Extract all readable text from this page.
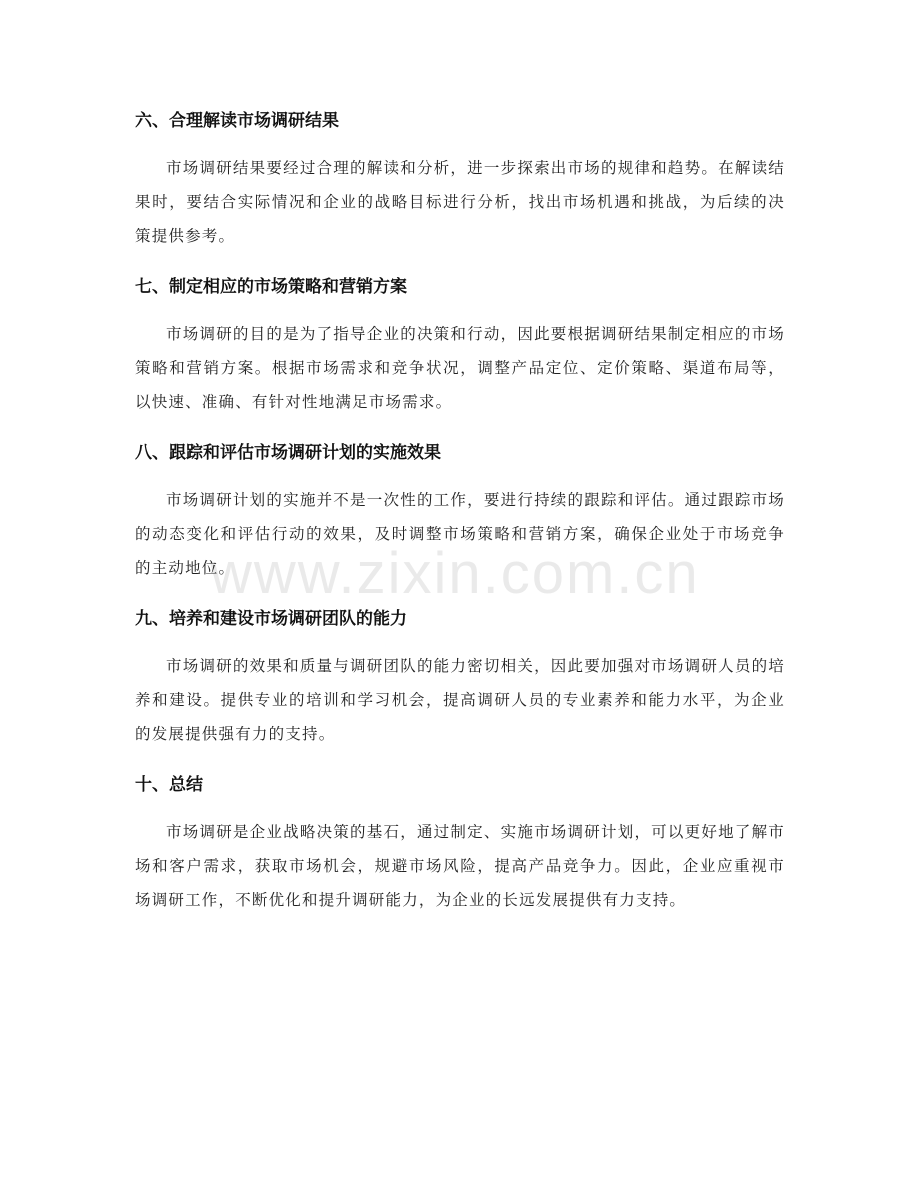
www.zixin.com.cn
六、合理解读市场调研结果

市场调研结果要经过合理的解读和分析，进一步探索出市场的规律和趋势。在解读结果时，要结合实际情况和企业的战略目标进行分析，找出市场机遇和挑战，为后续的决策提供参考。

七、制定相应的市场策略和营销方案

市场调研的目的是为了指导企业的决策和行动，因此要根据调研结果制定相应的市场策略和营销方案。根据市场需求和竞争状况，调整产品定位、定价策略、渠道布局等，以快速、准确、有针对性地满足市场需求。

八、跟踪和评估市场调研计划的实施效果

市场调研计划的实施并不是一次性的工作，要进行持续的跟踪和评估。通过跟踪市场的动态变化和评估行动的效果，及时调整市场策略和营销方案，确保企业处于市场竞争的主动地位。

九、培养和建设市场调研团队的能力

市场调研的效果和质量与调研团队的能力密切相关，因此要加强对市场调研人员的培养和建设。提供专业的培训和学习机会，提高调研人员的专业素养和能力水平，为企业的发展提供强有力的支持。

十、总结

市场调研是企业战略决策的基石，通过制定、实施市场调研计划，可以更好地了解市场和客户需求，获取市场机会，规避市场风险，提高产品竞争力。因此，企业应重视市场调研工作，不断优化和提升调研能力，为企业的长远发展提供有力支持。
